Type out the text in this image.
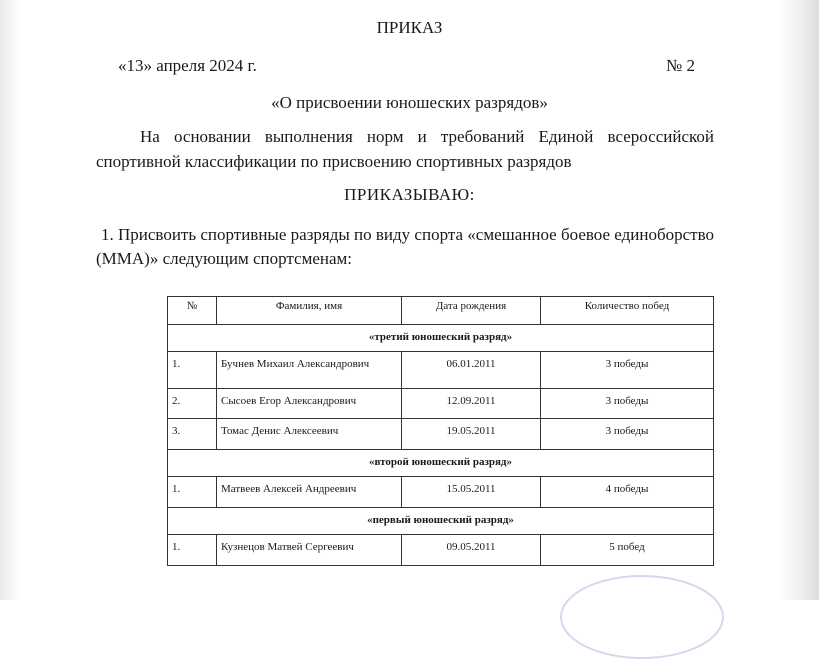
ПРИКАЗ
«13» апреля 2024 г.	№ 2
«О присвоении юношеских разрядов»
На основании выполнения норм и требований Единой всероссийской спортивной классификации по присвоению спортивных разрядов
ПРИКАЗЫВАЮ:
1. Присвоить спортивные разряды по виду спорта «смешанное боевое единоборство (ММА)» следующим спортсменам:
№	Фамилия, имя	Дата рождения	Количество побед
«третий юношеский разряд»			
1.	Бучнев Михаил Александрович	06.01.2011	3 победы
2.	Сысоев Егор Александрович	12.09.2011	3 победы
3.	Томас Денис Алексеевич	19.05.2011	3 победы
«второй юношеский разряд»			
1.	Матвеев Алексей Андреевич	15.05.2011	4 победы
«первый юношеский разряд»			
1.	Кузнецов Матвей Сергеевич	09.05.2011	5 побед
